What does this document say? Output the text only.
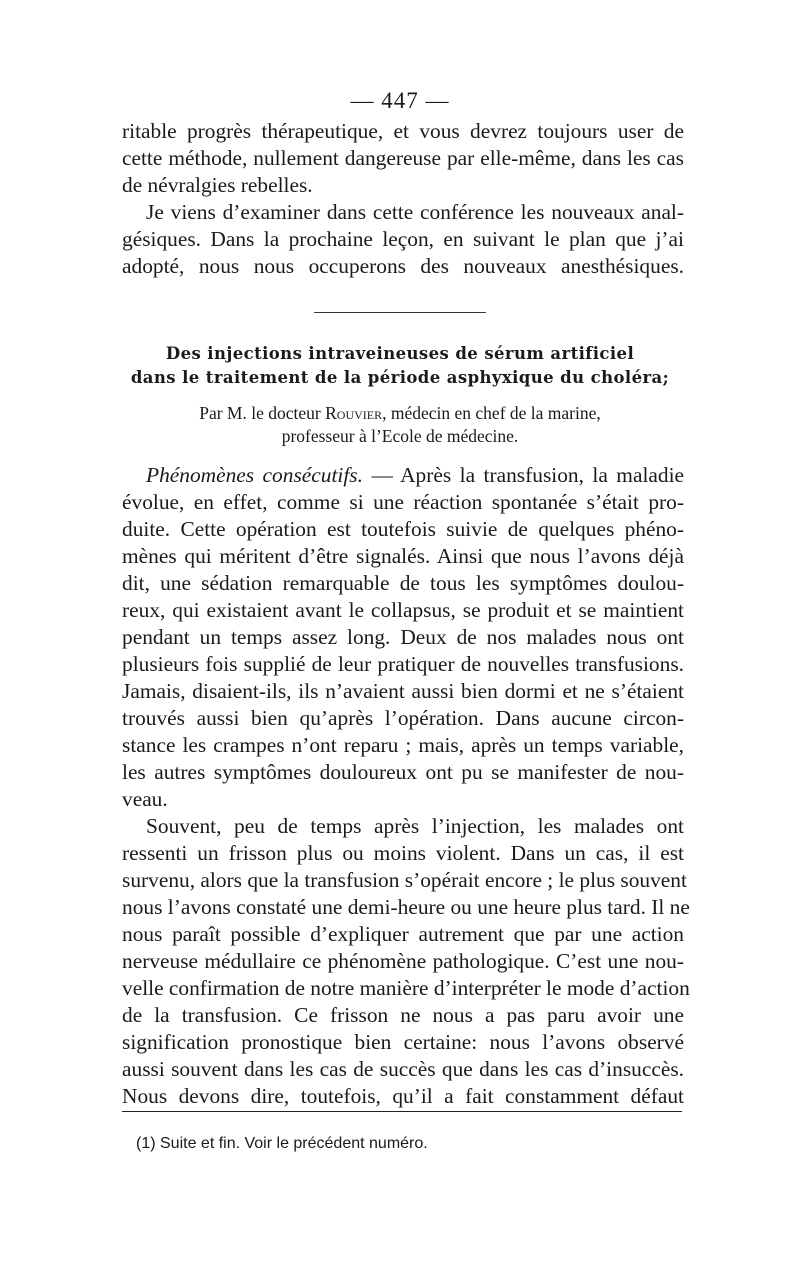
— 447 —
ritable progrès thérapeutique, et vous devrez toujours user de
cette méthode, nullement dangereuse par elle-même, dans les cas
de névralgies rebelles.
Je viens d’examiner dans cette conférence les nouveaux anal-
gésiques. Dans la prochaine leçon, en suivant le plan que j’ai
adopté, nous nous occuperons des nouveaux anesthésiques.
Des injections intraveineuses de sérum artificiel
dans le traitement de la période asphyxique du choléra;
Par M. le docteur Rouvier, médecin en chef de la marine,
professeur à l’Ecole de médecine.
Phénomènes consécutifs. — Après la transfusion, la maladie
évolue, en effet, comme si une réaction spontanée s’était pro-
duite. Cette opération est toutefois suivie de quelques phéno-
mènes qui méritent d’être signalés. Ainsi que nous l’avons déjà
dit, une sédation remarquable de tous les symptômes doulou-
reux, qui existaient avant le collapsus, se produit et se maintient
pendant un temps assez long. Deux de nos malades nous ont
plusieurs fois supplié de leur pratiquer de nouvelles transfusions.
Jamais, disaient-ils, ils n’avaient aussi bien dormi et ne s’étaient
trouvés aussi bien qu’après l’opération. Dans aucune circon-
stance les crampes n’ont reparu ; mais, après un temps variable,
les autres symptômes douloureux ont pu se manifester de nou-
veau.
Souvent, peu de temps après l’injection, les malades ont
ressenti un frisson plus ou moins violent. Dans un cas, il est
survenu, alors que la transfusion s’opérait encore ; le plus souvent
nous l’avons constaté une demi-heure ou une heure plus tard. Il ne
nous paraît possible d’expliquer autrement que par une action
nerveuse médullaire ce phénomène pathologique. C’est une nou-
velle confirmation de notre manière d’interpréter le mode d’action
de la transfusion. Ce frisson ne nous a pas paru avoir une
signification pronostique bien certaine: nous l’avons observé
aussi souvent dans les cas de succès que dans les cas d’insuccès.
Nous devons dire, toutefois, qu’il a fait constamment défaut
(1) Suite et fin. Voir le précédent numéro.
